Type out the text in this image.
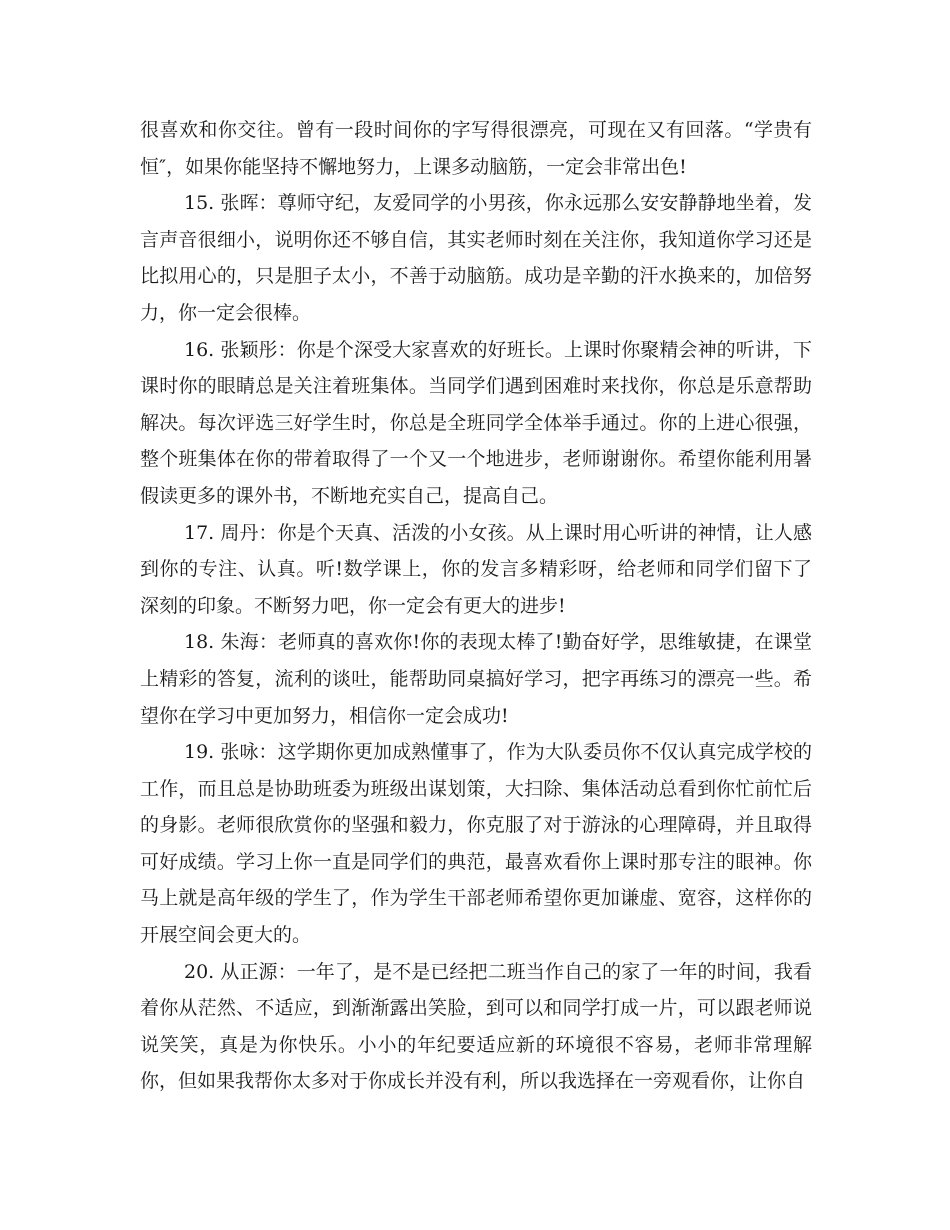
很喜欢和你交往。曾有一段时间你的字写得很漂亮，可现在又有回落。“学贵有恒″，如果你能坚持不懈地努力，上课多动脑筋，一定会非常出色!

15. 张晖：尊师守纪，友爱同学的小男孩，你永远那么安安静静地坐着，发言声音很细小，说明你还不够自信，其实老师时刻在关注你，我知道你学习还是比拟用心的，只是胆子太小，不善于动脑筋。成功是辛勤的汗水换来的，加倍努力，你一定会很棒。

16. 张颖彤：你是个深受大家喜欢的好班长。上课时你聚精会神的听讲，下课时你的眼睛总是关注着班集体。当同学们遇到困难时来找你，你总是乐意帮助解决。每次评选三好学生时，你总是全班同学全体举手通过。你的上进心很强，整个班集体在你的带着取得了一个又一个地进步，老师谢谢你。希望你能利用暑假读更多的课外书，不断地充实自己，提高自己。

17. 周丹：你是个天真、活泼的小女孩。从上课时用心听讲的神情，让人感到你的专注、认真。听!数学课上，你的发言多精彩呀，给老师和同学们留下了深刻的印象。不断努力吧，你一定会有更大的进步!

18. 朱海：老师真的喜欢你!你的表现太棒了!勤奋好学，思维敏捷，在课堂上精彩的答复，流利的谈吐，能帮助同桌搞好学习，把字再练习的漂亮一些。希望你在学习中更加努力，相信你一定会成功!

19. 张咏：这学期你更加成熟懂事了，作为大队委员你不仅认真完成学校的工作，而且总是协助班委为班级出谋划策，大扫除、集体活动总看到你忙前忙后的身影。老师很欣赏你的坚强和毅力，你克服了对于游泳的心理障碍，并且取得可好成绩。学习上你一直是同学们的典范，最喜欢看你上课时那专注的眼神。你马上就是高年级的学生了，作为学生干部老师希望你更加谦虚、宽容，这样你的开展空间会更大的。

20. 从正源：一年了，是不是已经把二班当作自己的家了一年的时间，我看着你从茫然、不适应，到渐渐露出笑脸，到可以和同学打成一片，可以跟老师说说笑笑，真是为你快乐。小小的年纪要适应新的环境很不容易，老师非常理解你，但如果我帮你太多对于你成长并没有利，所以我选择在一旁观看你，让你自
